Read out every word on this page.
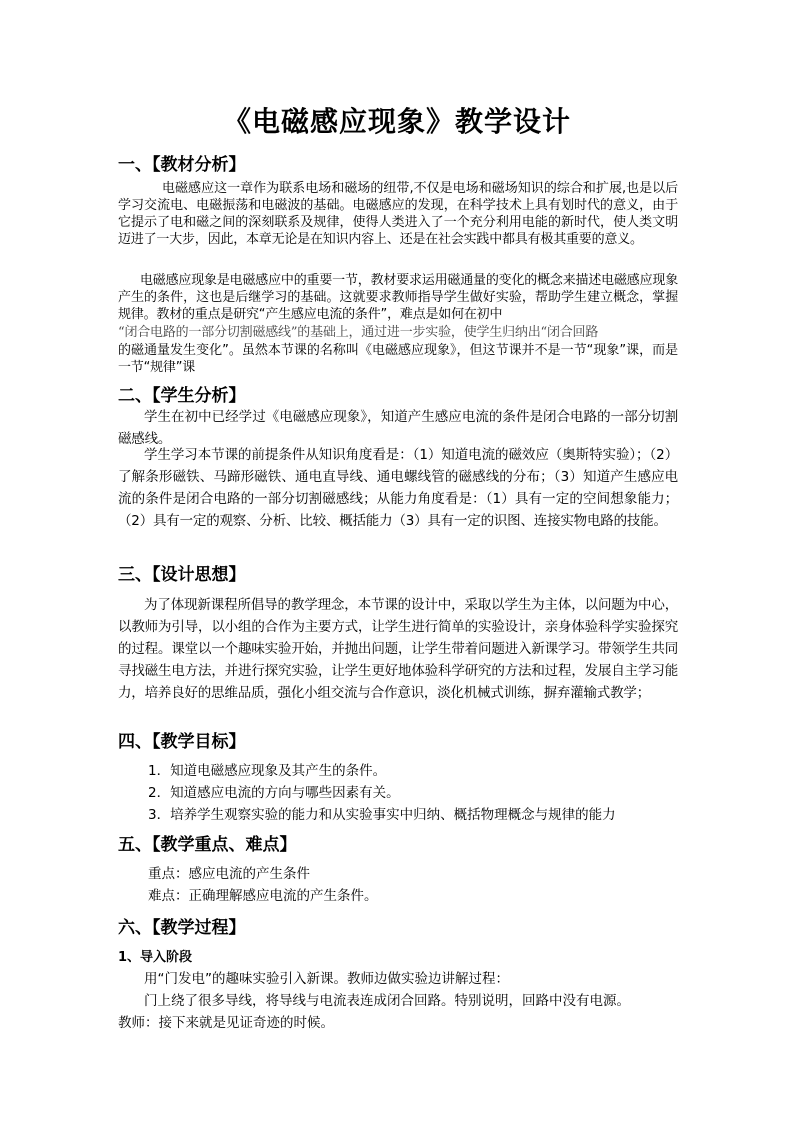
《电磁感应现象》教学设计
一、【教材分析】
电磁感应这一章作为联系电场和磁场的纽带,不仅是电场和磁场知识的综合和扩展,也是以后学习交流电、电磁振荡和电磁波的基础。电磁感应的发现，在科学技术上具有划时代的意义，由于它提示了电和磁之间的深刻联系及规律，使得人类进入了一个充分利用电能的新时代，使人类文明迈进了一大步，因此，本章无论是在知识内容上、还是在社会实践中都具有极其重要的意义。
电磁感应现象是电磁感应中的重要一节，教材要求运用磁通量的变化的概念来描述电磁感应现象产生的条件，这也是后继学习的基础。这就要求教师指导学生做好实验，帮助学生建立概念，掌握规律。教材的重点是研究“产生感应电流的条件”，难点是如何在初中
“闭合电路的一部分切割磁感线”的基础上，通过进一步实验，使学生归纳出“闭合回路
的磁通量发生变化”。虽然本节课的名称叫《电磁感应现象》，但这节课并不是一节“现象”课，而是一节“规律”课
二、【学生分析】
学生在初中已经学过《电磁感应现象》，知道产生感应电流的条件是闭合电路的一部分切割磁感线。
学生学习本节课的前提条件从知识角度看是：（1）知道电流的磁效应（奥斯特实验）；（2）了解条形磁铁、马蹄形磁铁、通电直导线、通电螺线管的磁感线的分布；（3）知道产生感应电流的条件是闭合电路的一部分切割磁感线；从能力角度看是：（1）具有一定的空间想象能力；（2）具有一定的观察、分析、比较、概括能力（3）具有一定的识图、连接实物电路的技能。
三、【设计思想】
为了体现新课程所倡导的教学理念，本节课的设计中，采取以学生为主体，以问题为中心，以教师为引导，以小组的合作为主要方式，让学生进行简单的实验设计，亲身体验科学实验探究的过程。课堂以一个趣味实验开始，并抛出问题，让学生带着问题进入新课学习。带领学生共同寻找磁生电方法，并进行探究实验，让学生更好地体验科学研究的方法和过程，发展自主学习能力，培养良好的思维品质，强化小组交流与合作意识，淡化机械式训练，摒弃灌输式教学；
四、【教学目标】
1．知道电磁感应现象及其产生的条件。
2．知道感应电流的方向与哪些因素有关。
3．培养学生观察实验的能力和从实验事实中归纳、概括物理概念与规律的能力
五、【教学重点、难点】
重点：感应电流的产生条件
难点：正确理解感应电流的产生条件。
六、【教学过程】
1、导入阶段
用“门发电”的趣味实验引入新课。教师边做实验边讲解过程：
门上绕了很多导线，将导线与电流表连成闭合回路。特别说明，回路中没有电源。
教师：接下来就是见证奇迹的时候。
